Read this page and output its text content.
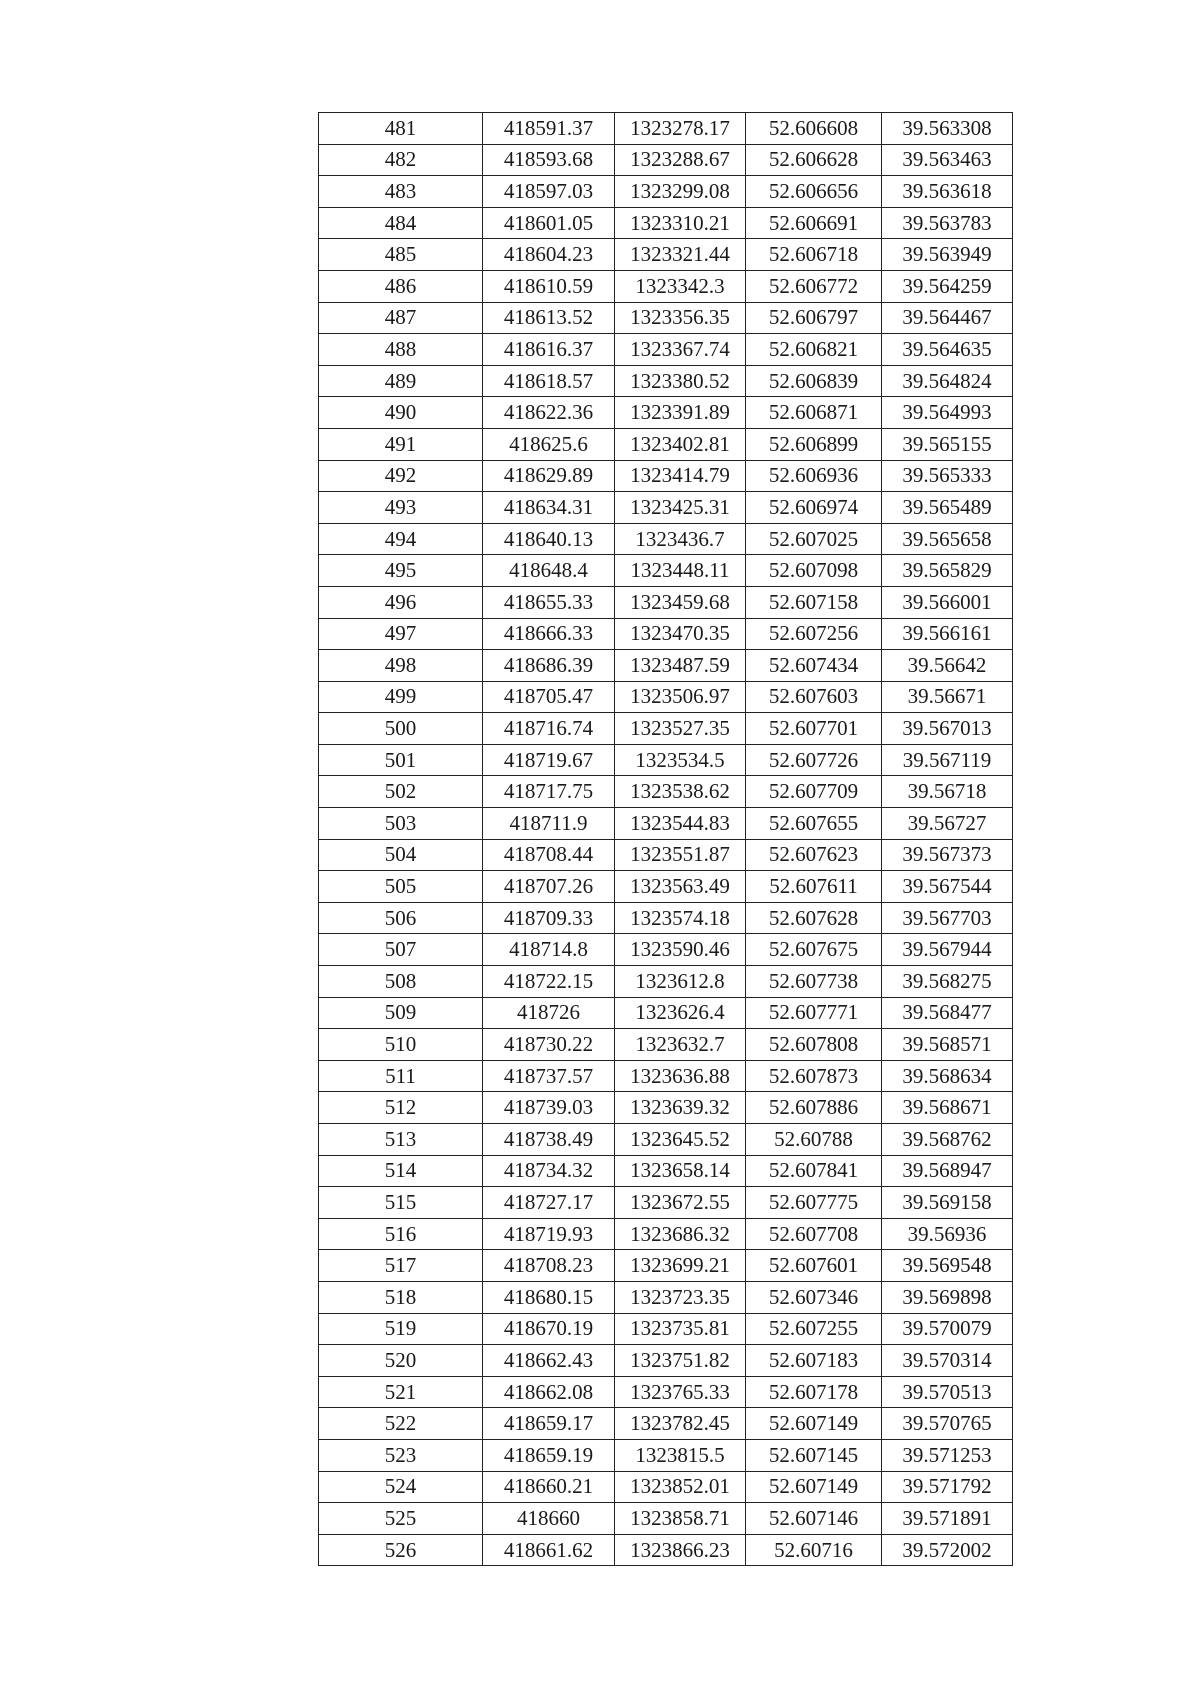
481	418591.37	1323278.17	52.606608	39.563308
482	418593.68	1323288.67	52.606628	39.563463
483	418597.03	1323299.08	52.606656	39.563618
484	418601.05	1323310.21	52.606691	39.563783
485	418604.23	1323321.44	52.606718	39.563949
486	418610.59	1323342.3	52.606772	39.564259
487	418613.52	1323356.35	52.606797	39.564467
488	418616.37	1323367.74	52.606821	39.564635
489	418618.57	1323380.52	52.606839	39.564824
490	418622.36	1323391.89	52.606871	39.564993
491	418625.6	1323402.81	52.606899	39.565155
492	418629.89	1323414.79	52.606936	39.565333
493	418634.31	1323425.31	52.606974	39.565489
494	418640.13	1323436.7	52.607025	39.565658
495	418648.4	1323448.11	52.607098	39.565829
496	418655.33	1323459.68	52.607158	39.566001
497	418666.33	1323470.35	52.607256	39.566161
498	418686.39	1323487.59	52.607434	39.56642
499	418705.47	1323506.97	52.607603	39.56671
500	418716.74	1323527.35	52.607701	39.567013
501	418719.67	1323534.5	52.607726	39.567119
502	418717.75	1323538.62	52.607709	39.56718
503	418711.9	1323544.83	52.607655	39.56727
504	418708.44	1323551.87	52.607623	39.567373
505	418707.26	1323563.49	52.607611	39.567544
506	418709.33	1323574.18	52.607628	39.567703
507	418714.8	1323590.46	52.607675	39.567944
508	418722.15	1323612.8	52.607738	39.568275
509	418726	1323626.4	52.607771	39.568477
510	418730.22	1323632.7	52.607808	39.568571
511	418737.57	1323636.88	52.607873	39.568634
512	418739.03	1323639.32	52.607886	39.568671
513	418738.49	1323645.52	52.60788	39.568762
514	418734.32	1323658.14	52.607841	39.568947
515	418727.17	1323672.55	52.607775	39.569158
516	418719.93	1323686.32	52.607708	39.56936
517	418708.23	1323699.21	52.607601	39.569548
518	418680.15	1323723.35	52.607346	39.569898
519	418670.19	1323735.81	52.607255	39.570079
520	418662.43	1323751.82	52.607183	39.570314
521	418662.08	1323765.33	52.607178	39.570513
522	418659.17	1323782.45	52.607149	39.570765
523	418659.19	1323815.5	52.607145	39.571253
524	418660.21	1323852.01	52.607149	39.571792
525	418660	1323858.71	52.607146	39.571891
526	418661.62	1323866.23	52.60716	39.572002
